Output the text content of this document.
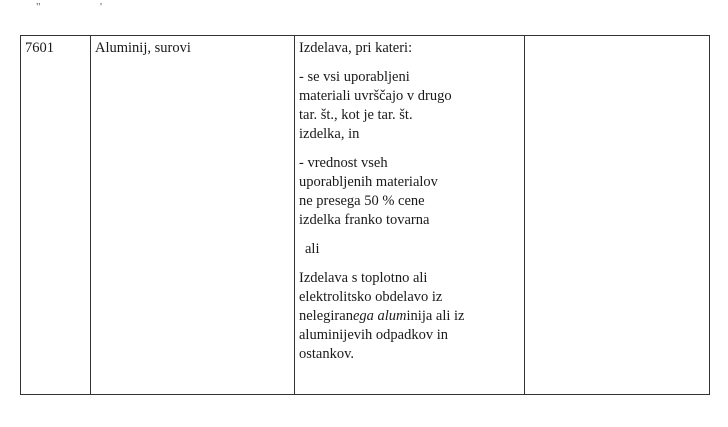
"	'
7601	Aluminij, surovi	Izdelava, pri kateri:
- se vsi uporabljeni
materiali uvrščajo v drugo
tar. št., kot je tar. št.
izdelka, in
- vrednost vseh
uporabljenih materialov
ne presega 50 % cene
izdelka franko tovarna
ali
Izdelava s toplotno ali
elektrolitsko obdelavo iz
nelegiranega aluminija ali iz
aluminijevih odpadkov in
ostankov.
